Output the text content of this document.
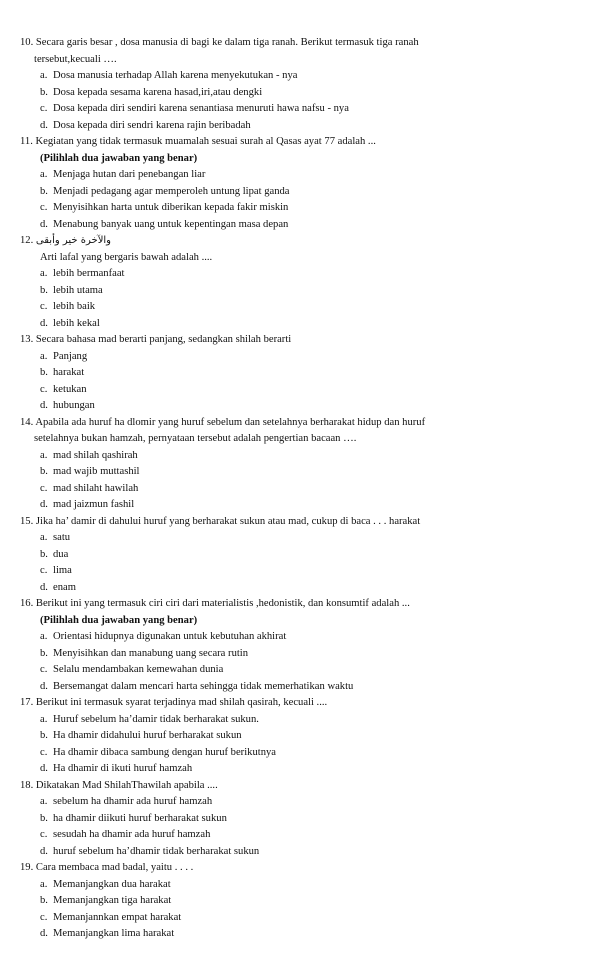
10. Secara garis besar , dosa manusia di bagi ke dalam tiga ranah. Berikut termasuk tiga ranah
tersebut,kecuali ….
a. Dosa manusia terhadap Allah karena menyekutukan - nya
b. Dosa kepada sesama karena hasad,iri,atau dengki
c. Dosa kepada diri sendiri karena senantiasa menuruti hawa nafsu - nya
d. Dosa kepada diri sendri karena rajin beribadah
11. Kegiatan yang tidak termasuk muamalah sesuai surah al Qasas ayat 77 adalah ...
(Pilihlah dua jawaban yang benar)
a. Menjaga hutan dari penebangan liar
b. Menjadi pedagang agar memperoleh untung lipat ganda
c. Menyisihkan harta untuk diberikan kepada fakir miskin
d. Menabung banyak uang untuk kepentingan masa depan
12. والآخرة خير وأبقى
Arti lafal yang bergaris bawah adalah ....
a. lebih bermanfaat
b. lebih utama
c. lebih baik
d. lebih kekal
13. Secara bahasa mad berarti panjang, sedangkan shilah berarti
a. Panjang
b. harakat
c. ketukan
d. hubungan
14. Apabila ada huruf ha dlomir yang huruf sebelum dan setelahnya berharakat hidup dan huruf
setelahnya bukan hamzah, pernyataan tersebut adalah pengertian bacaan ….
a. mad shilah qashirah
b. mad wajib muttashil
c. mad shilaht hawilah
d. mad jaizmun fashil
15. Jika ha’ damir di dahului huruf yang berharakat sukun atau mad, cukup di baca . . . harakat
a. satu
b. dua
c. lima
d. enam
16. Berikut ini yang termasuk ciri ciri dari materialistis ,hedonistik, dan konsumtif adalah ...
(Pilihlah dua jawaban yang benar)
a. Orientasi hidupnya digunakan untuk kebutuhan akhirat
b. Menyisihkan dan manabung uang secara rutin
c. Selalu mendambakan kemewahan dunia
d. Bersemangat dalam mencari harta sehingga tidak memerhatikan waktu
17. Berikut ini termasuk syarat terjadinya mad shilah qasirah, kecuali ....
a. Huruf sebelum ha’damir tidak berharakat sukun.
b. Ha dhamir didahului huruf berharakat sukun
c. Ha dhamir dibaca sambung dengan huruf berikutnya
d. Ha dhamir di ikuti huruf hamzah
18. Dikatakan Mad ShilahThawilah apabila ....
a. sebelum ha dhamir ada huruf hamzah
b. ha dhamir diikuti huruf berharakat sukun
c. sesudah ha dhamir ada huruf hamzah
d. huruf sebelum ha’dhamir tidak berharakat sukun
19. Cara membaca mad badal, yaitu . . . .
a. Memanjangkan dua harakat
b. Memanjangkan tiga harakat
c. Memanjannkan empat harakat
d. Memanjangkan lima harakat
